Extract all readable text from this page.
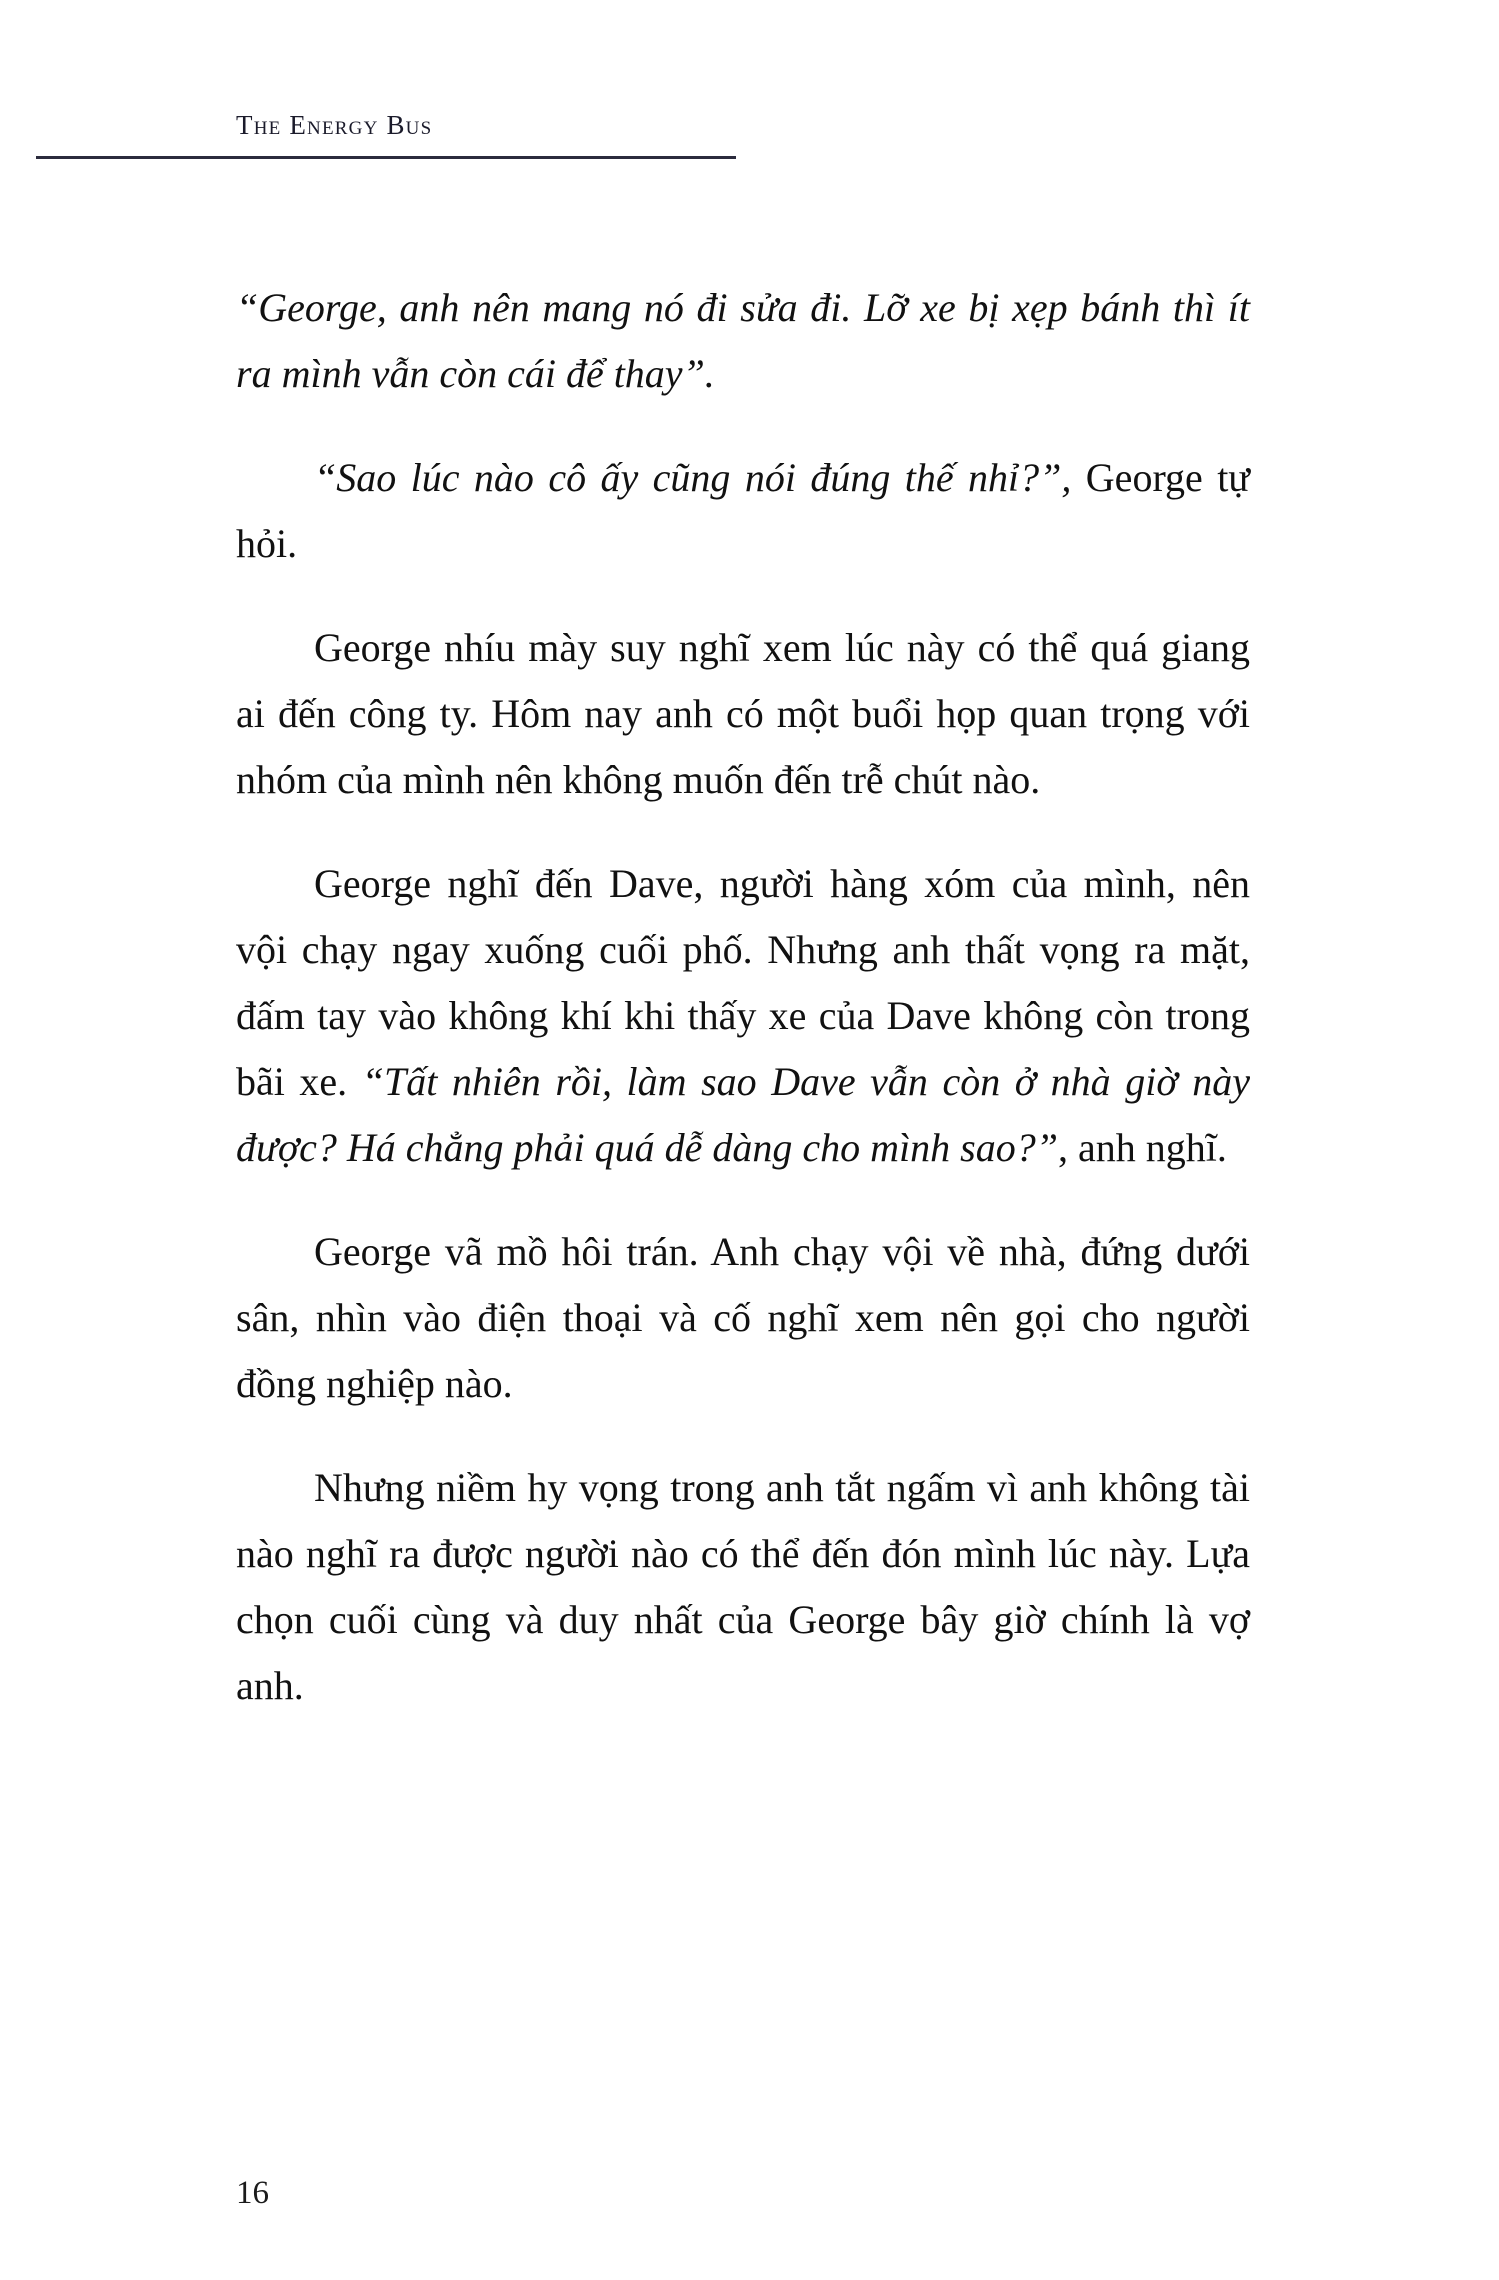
The Energy Bus

“George, anh nên mang nó đi sửa đi. Lỡ xe bị xẹp bánh thì ít ra mình vẫn còn cái để thay”.

“Sao lúc nào cô ấy cũng nói đúng thế nhỉ?”, George tự hỏi.

George nhíu mày suy nghĩ xem lúc này có thể quá giang ai đến công ty. Hôm nay anh có một buổi họp quan trọng với nhóm của mình nên không muốn đến trễ chút nào.

George nghĩ đến Dave, người hàng xóm của mình, nên vội chạy ngay xuống cuối phố. Nhưng anh thất vọng ra mặt, đấm tay vào không khí khi thấy xe của Dave không còn trong bãi xe. “Tất nhiên rồi, làm sao Dave vẫn còn ở nhà giờ này được? Há chẳng phải quá dễ dàng cho mình sao?”, anh nghĩ.

George vã mồ hôi trán. Anh chạy vội về nhà, đứng dưới sân, nhìn vào điện thoại và cố nghĩ xem nên gọi cho người đồng nghiệp nào.

Nhưng niềm hy vọng trong anh tắt ngấm vì anh không tài nào nghĩ ra được người nào có thể đến đón mình lúc này. Lựa chọn cuối cùng và duy nhất của George bây giờ chính là vợ anh.

16
